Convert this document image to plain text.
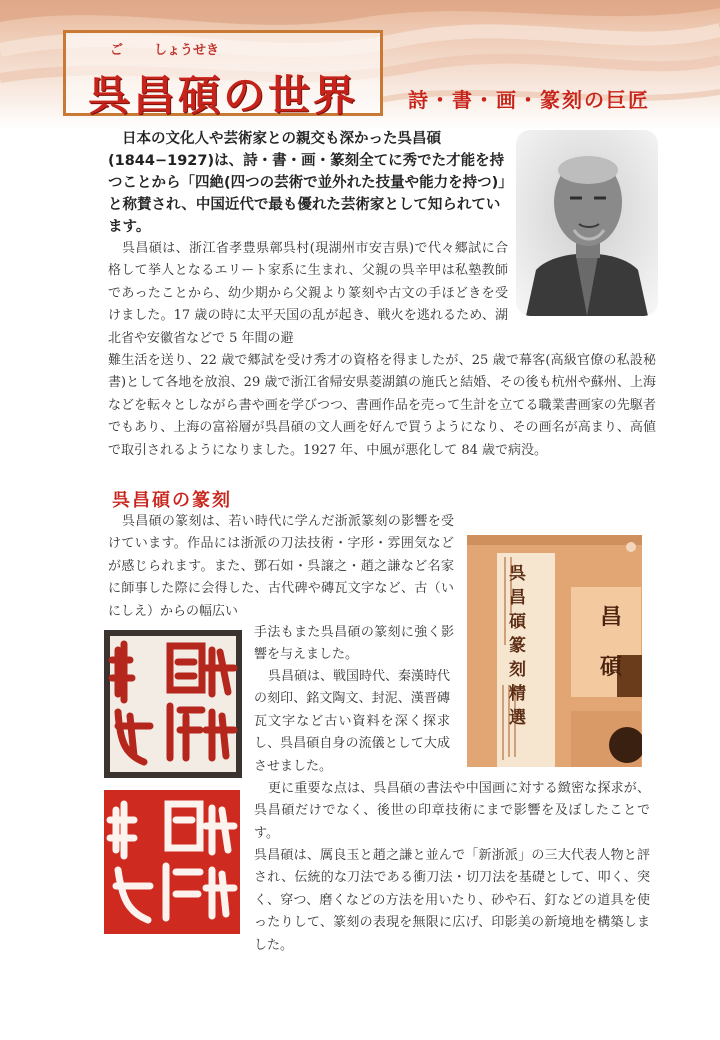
ご しょうせき
呉昌碩の世界 詩・書・画・篆刻の巨匠

日本の文化人や芸術家との親交も深かった呉昌碩(1844−1927)は、詩・書・画・篆刻全てに秀でた才能を持つことから「四絶(四つの芸術で並外れた技量や能力を持つ)」と称賛され、中国近代で最も優れた芸術家として知られています。

呉昌碩は、浙江省孝豊県鄣呉村(現湖州市安吉県)で代々郷試に合格して挙人となるエリート家系に生まれ、父親の呉辛甲は私塾教師であったことから、幼少期から父親より篆刻や古文の手ほどきを受けました。17 歳の時に太平天国の乱が起き、戦火を逃れるため、湖北省や安徽省などで 5 年間の避

難生活を送り、22 歳で郷試を受け秀才の資格を得ましたが、25 歳で幕客(高級官僚の私設秘書)として各地を放浪、29 歳で浙江省帰安県菱湖鎮の施氏と結婚、その後も杭州や蘇州、上海などを転々としながら書や画を学びつつ、書画作品を売って生計を立てる職業書画家の先駆者でもあり、上海の富裕層が呉昌碩の文人画を好んで買うようになり、その画名が高まり、高値で取引されるようになりました。1927 年、中風が悪化して 84 歳で病没。

呉昌碩の篆刻

呉昌碩の篆刻は、若い時代に学んだ浙派篆刻の影響を受けています。作品には浙派の刀法技術・字形・雰囲気などが感じられます。また、鄧石如・呉譲之・趙之謙など名家に師事した際に会得した、古代碑や磚瓦文字など、古（いにしえ）からの幅広い

手法もまた呉昌碩の篆刻に強く影響を与えました。

呉昌碩は、戦国時代、秦漢時代の刻印、銘文陶文、封泥、漢晋磚瓦文字など古い資料を深く探求し、呉昌碩自身の流儀として大成させました。

更に重要な点は、呉昌碩の書法や中国画に対する緻密な探求が、呉昌碩だけでなく、後世の印章技術にまで影響を及ぼしたことです。

呉昌碩は、厲良玉と趙之謙と並んで「新浙派」の三大代表人物と評され、伝統的な刀法である衝刀法・切刀法を基礎として、叩く、突く、穿つ、磨くなどの方法を用いたり、砂や石、釘などの道具を使ったりして、篆刻の表現を無限に広げ、印影美の新境地を構築しました。

呉昌碩篆刻精選
昌 碩
